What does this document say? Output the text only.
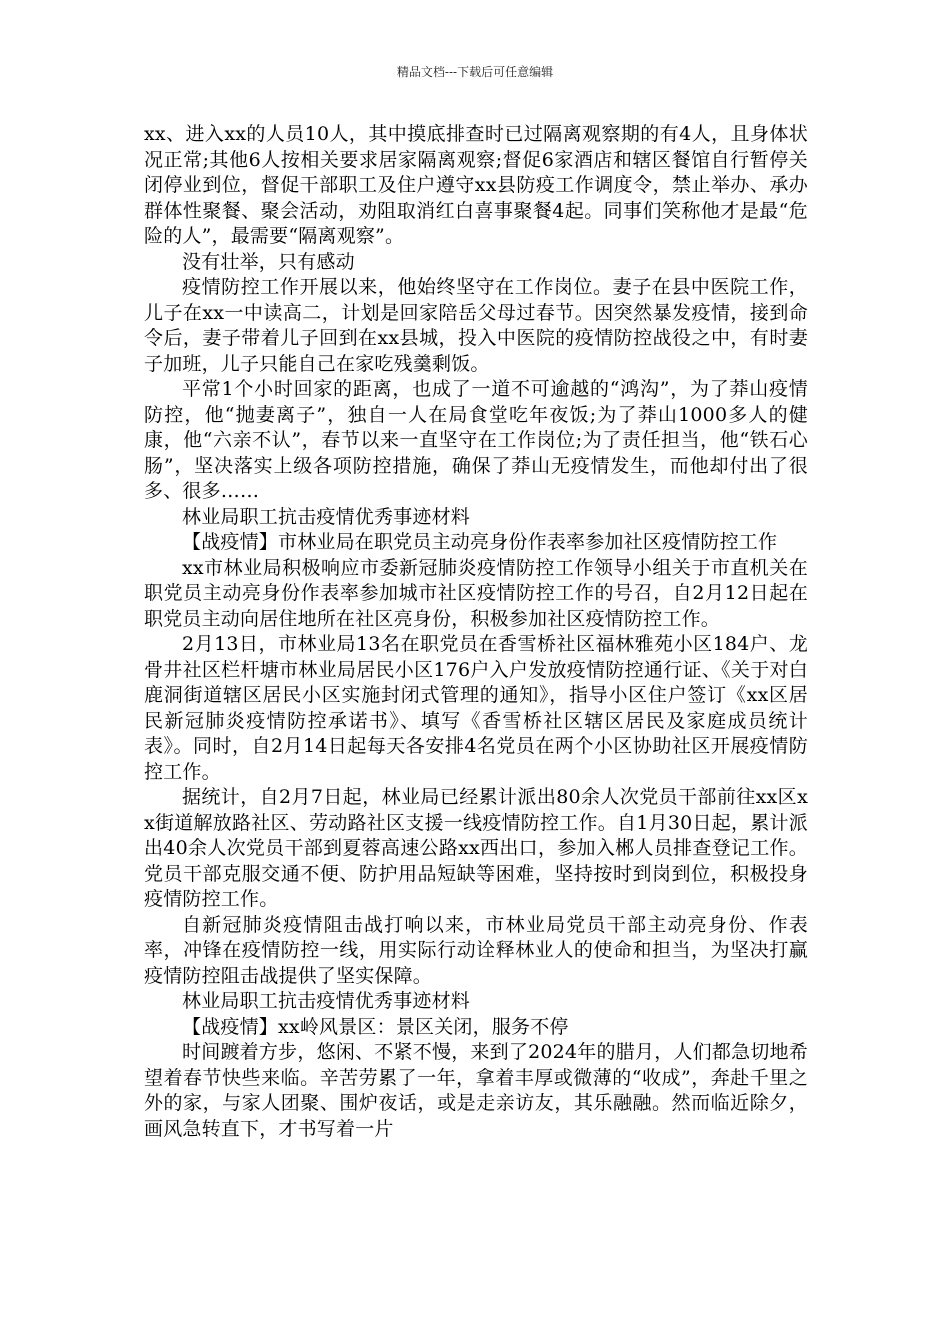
精品文档---下载后可任意编辑

xx、进入xx的人员10人，其中摸底排查时已过隔离观察期的有4人，且身体状况正常;其他6人按相关要求居家隔离观察;督促6家酒店和辖区餐馆自行暂停关闭停业到位，督促干部职工及住户遵守xx县防疫工作调度令，禁止举办、承办群体性聚餐、聚会活动，劝阻取消红白喜事聚餐4起。同事们笑称他才是最“危险的人”，最需要“隔离观察”。

没有壮举，只有感动

疫情防控工作开展以来，他始终坚守在工作岗位。妻子在县中医院工作，儿子在xx一中读高二，计划是回家陪岳父母过春节。因突然暴发疫情，接到命令后，妻子带着儿子回到在xx县城，投入中医院的疫情防控战役之中，有时妻子加班，儿子只能自己在家吃残羹剩饭。

平常1个小时回家的距离，也成了一道不可逾越的“鸿沟”，为了莽山疫情防控，他“抛妻离子”，独自一人在局食堂吃年夜饭;为了莽山1000多人的健康，他“六亲不认”，春节以来一直坚守在工作岗位;为了责任担当，他“铁石心肠”，坚决落实上级各项防控措施，确保了莽山无疫情发生，而他却付出了很多、很多……

林业局职工抗击疫情优秀事迹材料

【战疫情】市林业局在职党员主动亮身份作表率参加社区疫情防控工作

xx市林业局积极响应市委新冠肺炎疫情防控工作领导小组关于市直机关在职党员主动亮身份作表率参加城市社区疫情防控工作的号召，自2月12日起在职党员主动向居住地所在社区亮身份，积极参加社区疫情防控工作。

2月13日，市林业局13名在职党员在香雪桥社区福林雅苑小区184户、龙骨井社区栏杆塘市林业局居民小区176户入户发放疫情防控通行证、《关于对白鹿洞街道辖区居民小区实施封闭式管理的通知》，指导小区住户签订《xx区居民新冠肺炎疫情防控承诺书》、填写《香雪桥社区辖区居民及家庭成员统计表》。同时，自2月14日起每天各安排4名党员在两个小区协助社区开展疫情防控工作。

据统计，自2月7日起，林业局已经累计派出80余人次党员干部前往xx区xx街道解放路社区、劳动路社区支援一线疫情防控工作。自1月30日起，累计派出40余人次党员干部到夏蓉高速公路xx西出口，参加入郴人员排查登记工作。党员干部克服交通不便、防护用品短缺等困难，坚持按时到岗到位，积极投身疫情防控工作。

自新冠肺炎疫情阻击战打响以来，市林业局党员干部主动亮身份、作表率，冲锋在疫情防控一线，用实际行动诠释林业人的使命和担当，为坚决打赢疫情防控阻击战提供了坚实保障。

林业局职工抗击疫情优秀事迹材料

【战疫情】xx岭风景区：景区关闭，服务不停

时间踱着方步，悠闲、不紧不慢，来到了2024年的腊月，人们都急切地希望着春节快些来临。辛苦劳累了一年，拿着丰厚或微薄的“收成”，奔赴千里之外的家，与家人团聚、围炉夜话，或是走亲访友，其乐融融。然而临近除夕，画风急转直下，才书写着一片
